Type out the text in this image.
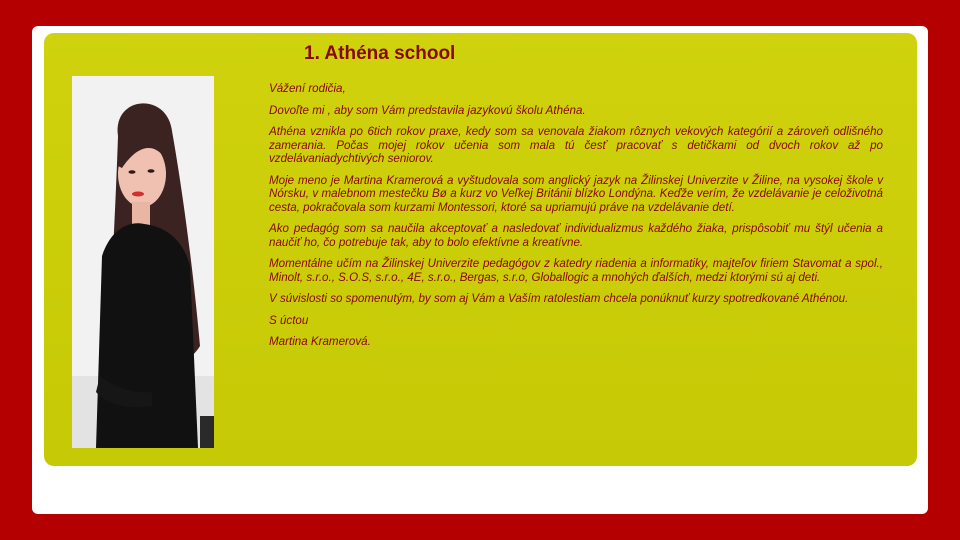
1. Athéna school

Vážení rodičia,

Dovoľte mi , aby som Vám predstavila jazykovú školu Athéna.

Athéna vznikla po 6tich rokov praxe, kedy som sa venovala žiakom rôznych vekových kategórií a zároveň odlišného zamerania. Počas mojej rokov učenia som mala tú česť pracovať s detičkami od dvoch rokov až po vzdelávaniadychtivých seniorov.

Moje meno je Martina Kramerová a vyštudovala som anglický jazyk na Žilinskej Univerzite v Žiline, na vysokej škole v Nórsku, v malebnom mestečku Bø a kurz vo Veľkej Británii blízko Londýna. Keďže verím, že vzdelávanie je celoživotná cesta, pokračovala som kurzami Montessori, ktoré sa upriamujú práve na vzdelávanie detí.

Ako pedagóg som sa naučila akceptovať a nasledovať individualizmus každého žiaka, prispôsobiť mu štýl učenia a naučiť ho, čo potrebuje tak, aby to bolo efektívne a kreatívne.

Momentálne učím na Žilinskej Univerzite pedagógov z katedry riadenia a informatiky, majteľov firiem Stavomat a spol., Minolt, s.r.o., S.O.S, s.r.o., 4E, s.r.o., Bergas, s.r.o, Globallogic a mnohých ďalších, medzi ktorými sú aj deti.

V súvislosti so spomenutým, by som aj Vám a Vaším ratolestiam chcela ponúknuť kurzy spotredkované Athénou.

S úctou

Martina Kramerová.
